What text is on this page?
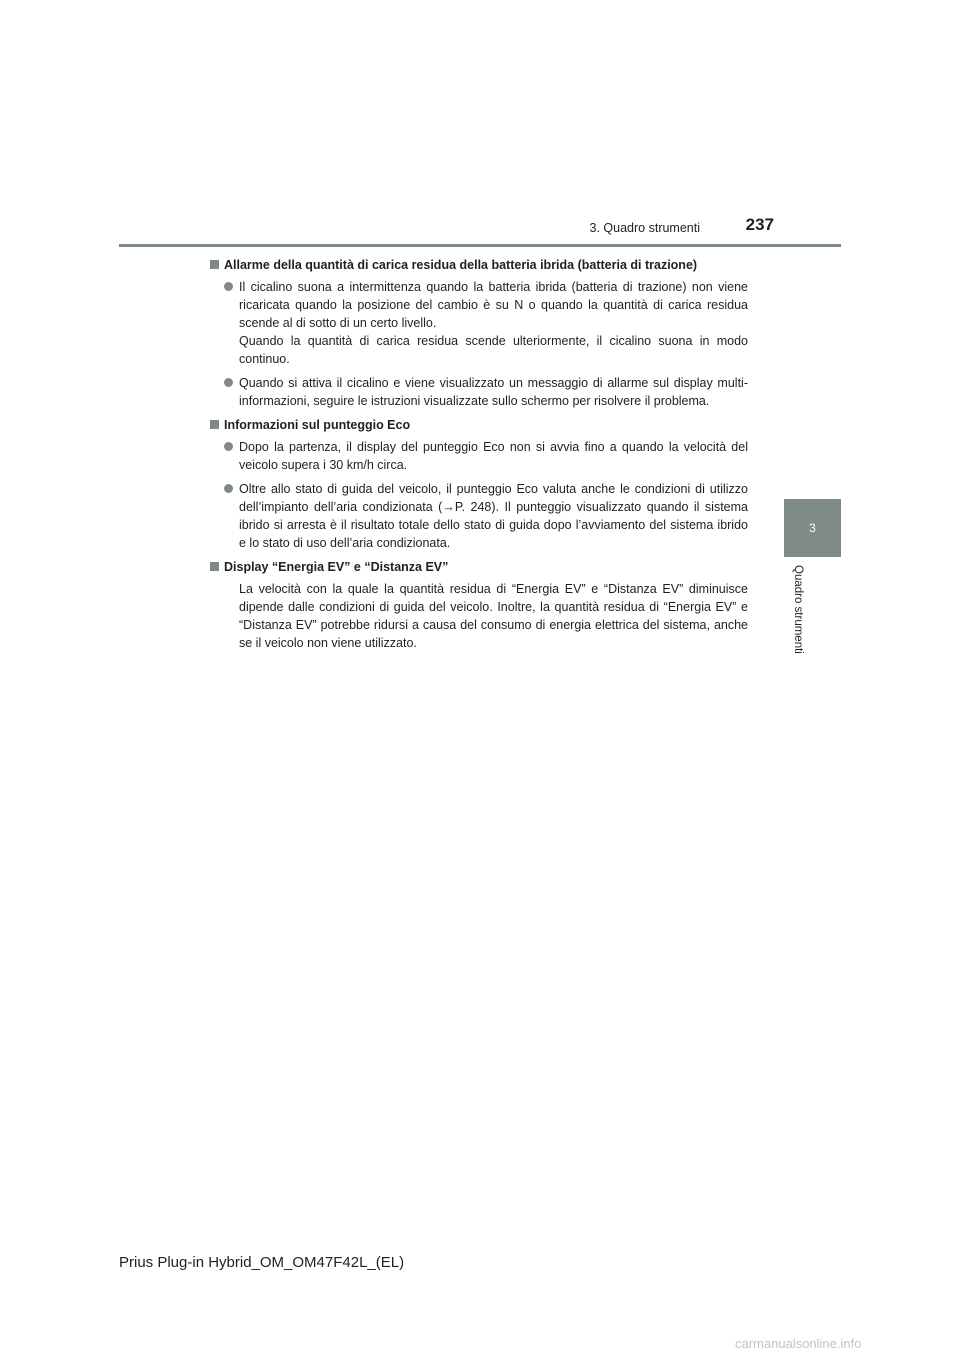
3. Quadro strumenti	237
3
Quadro strumenti
Allarme della quantità di carica residua della batteria ibrida (batteria di trazione)

Il cicalino suona a intermittenza quando la batteria ibrida (batteria di trazione) non viene ricaricata quando la posizione del cambio è su N o quando la quantità di carica residua scende al di sotto di un certo livello.

Quando la quantità di carica residua scende ulteriormente, il cicalino suona in modo continuo.

Quando si attiva il cicalino e viene visualizzato un messaggio di allarme sul display multi-informazioni, seguire le istruzioni visualizzate sullo schermo per risolvere il problema.

Informazioni sul punteggio Eco

Dopo la partenza, il display del punteggio Eco non si avvia fino a quando la velocità del veicolo supera i 30 km/h circa.

Oltre allo stato di guida del veicolo, il punteggio Eco valuta anche le condizioni di utilizzo dell’impianto dell’aria condizionata (→P. 248). Il punteggio visualizzato quando il sistema ibrido si arresta è il risultato totale dello stato di guida dopo l’avviamento del sistema ibrido e lo stato di uso dell’aria condizionata.

Display “Energia EV” e “Distanza EV”

La velocità con la quale la quantità residua di “Energia EV” e “Distanza EV” diminuisce dipende dalle condizioni di guida del veicolo. Inoltre, la quantità residua di “Energia EV” e “Distanza EV” potrebbe ridursi a causa del consumo di energia elettrica del sistema, anche se il veicolo non viene utilizzato.

Prius Plug-in Hybrid_OM_OM47F42L_(EL)
carmanualsonline.info
